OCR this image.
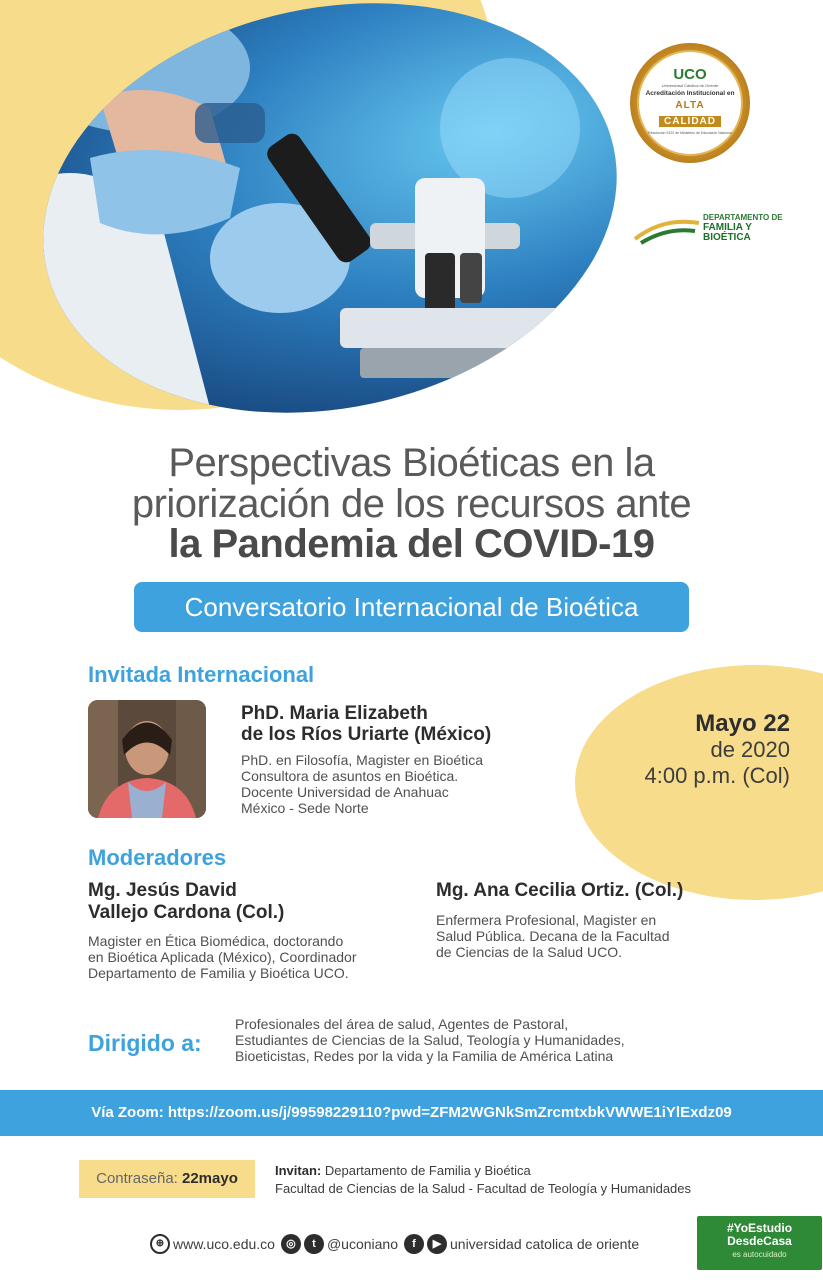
UCO
Universidad Católica de Oriente
Acreditación Institucional en
ALTA
CALIDAD
Resolución 9122 de Ministerio de Educación Nacional
DEPARTAMENTO DE
FAMILIA Y
BIOÉTICA
Perspectivas Bioéticas en la
priorización de los recursos ante
la Pandemia del COVID-19
Conversatorio Internacional de Bioética
Invitada Internacional
PhD. Maria Elizabeth
de los Ríos Uriarte (México)
PhD. en Filosofía, Magister en Bioética
Consultora de asuntos en Bioética.
Docente Universidad de Anahuac
México - Sede Norte
Mayo 22
de 2020
4:00 p.m. (Col)
Moderadores
Mg. Jesús David
Vallejo Cardona (Col.)
Magister en Ética Biomédica, doctorando
en Bioética Aplicada (México), Coordinador
Departamento de Familia y Bioética UCO.
Mg. Ana Cecilia Ortiz. (Col.)
Enfermera Profesional, Magister en
Salud Pública. Decana de la Facultad
de Ciencias de la Salud UCO.
Dirigido a:
Profesionales del área de salud, Agentes de Pastoral,
Estudiantes de Ciencias de la Salud, Teología y Humanidades,
Bioeticistas, Redes por la vida y la Familia de América Latina
Vía Zoom: https://zoom.us/j/99598229110?pwd=ZFM2WGNkSmZrcmtxbkVWWE1iYlExdz09
Contraseña: 22mayo	Invitan: Departamento de Familia y Bioética
Facultad de Ciencias de la Salud - Facultad de Teología y Humanidades
⊕ www.uco.edu.co	◎	t @uconiano	f	▶ universidad catolica de oriente
#YoEstudio
DesdeCasa
es autocuidado
